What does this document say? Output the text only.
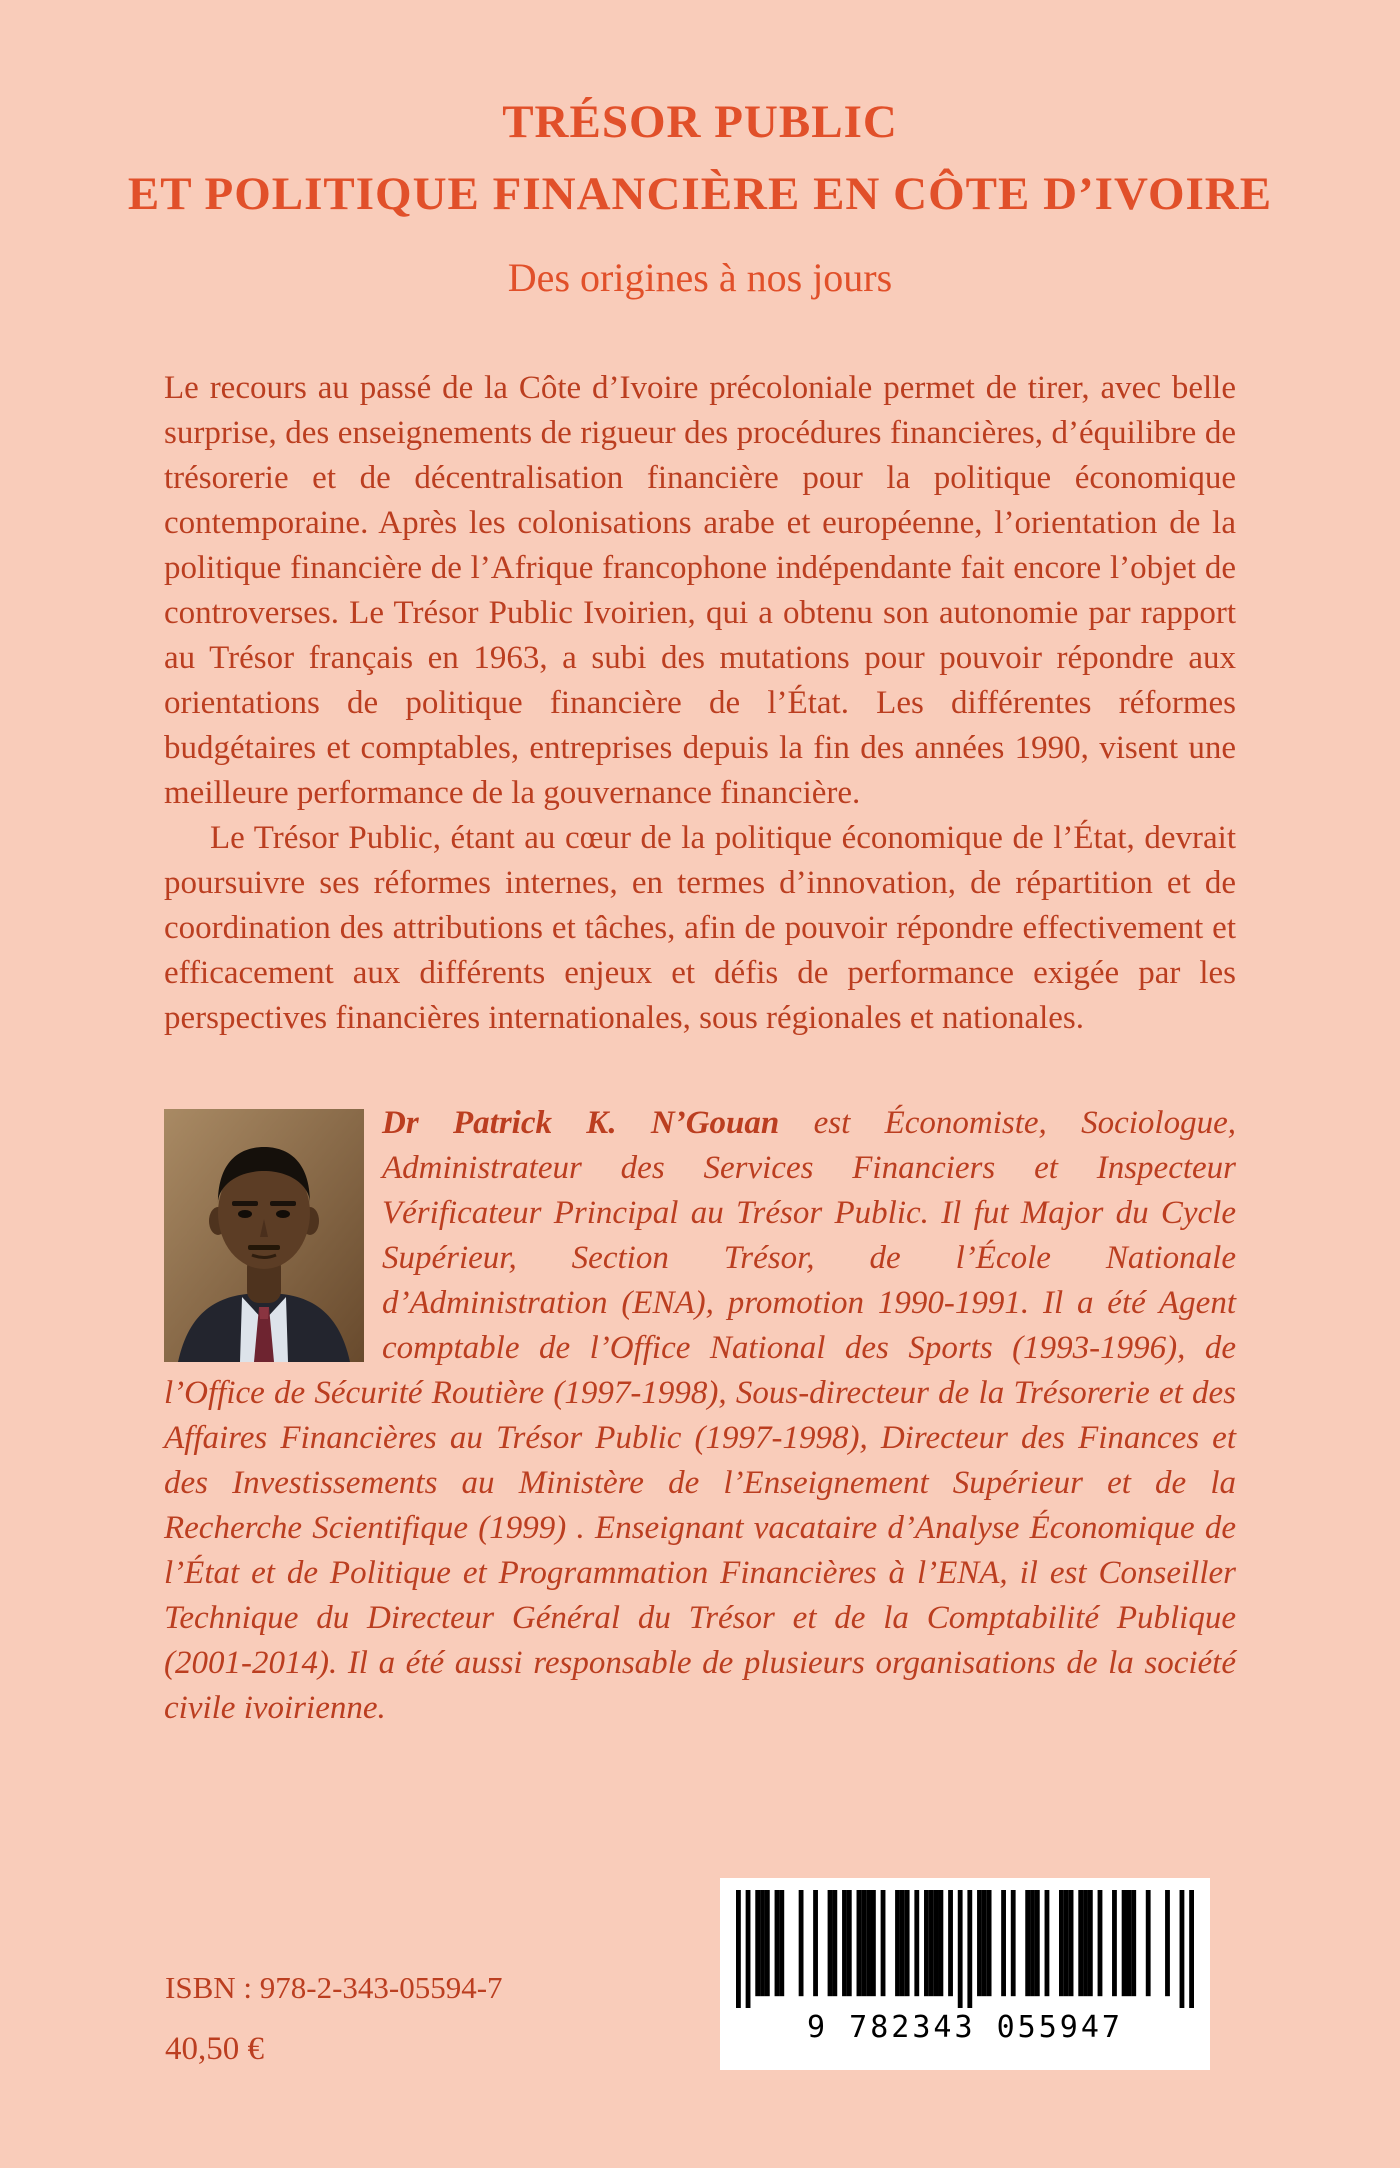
TRÉSOR PUBLIC
ET POLITIQUE FINANCIÈRE EN CÔTE D’IVOIRE
Des origines à nos jours

Le recours au passé de la Côte d’Ivoire précoloniale permet de tirer, avec belle surprise, des enseignements de rigueur des procédures financières, d’équilibre de trésorerie et de décentralisation financière pour la politique économique contemporaine. Après les colonisations arabe et européenne, l’orientation de la politique financière de l’Afrique francophone indépendante fait encore l’objet de controverses. Le Trésor Public Ivoirien, qui a obtenu son autonomie par rapport au Trésor français en 1963, a subi des mutations pour pouvoir répondre aux orientations de politique financière de l’État. Les différentes réformes budgétaires et comptables, entreprises depuis la fin des années 1990, visent une meilleure performance de la gouvernance financière.

Le Trésor Public, étant au cœur de la politique économique de l’État, devrait poursuivre ses réformes internes, en termes d’innovation, de répartition et de coordination des attributions et tâches, afin de pouvoir répondre effectivement et efficacement aux différents enjeux et défis de performance exigée par les perspectives financières internationales, sous régionales et nationales.

Dr Patrick K. N’Gouan est Économiste, Sociologue, Administrateur des Services Financiers et Inspecteur Vérificateur Principal au Trésor Public. Il fut Major du Cycle Supérieur, Section Trésor, de l’École Nationale d’Administration (ENA), promotion 1990-1991. Il a été Agent comptable de l’Office National des Sports (1993-1996), de l’Office de Sécurité Routière (1997-1998), Sous-directeur de la Trésorerie et des Affaires Financières au Trésor Public (1997-1998), Directeur des Finances et des Investissements au Ministère de l’Enseignement Supérieur et de la Recherche Scientifique (1999) . Enseignant vacataire d’Analyse Économique de l’État et de Politique et Programmation Financières à l’ENA, il est Conseiller Technique du Directeur Général du Trésor et de la Comptabilité Publique (2001-2014). Il a été aussi responsable de plusieurs organisations de la société civile ivoirienne.
ISBN : 978-2-343-05594-7
40,50 €
9 782343 055947
